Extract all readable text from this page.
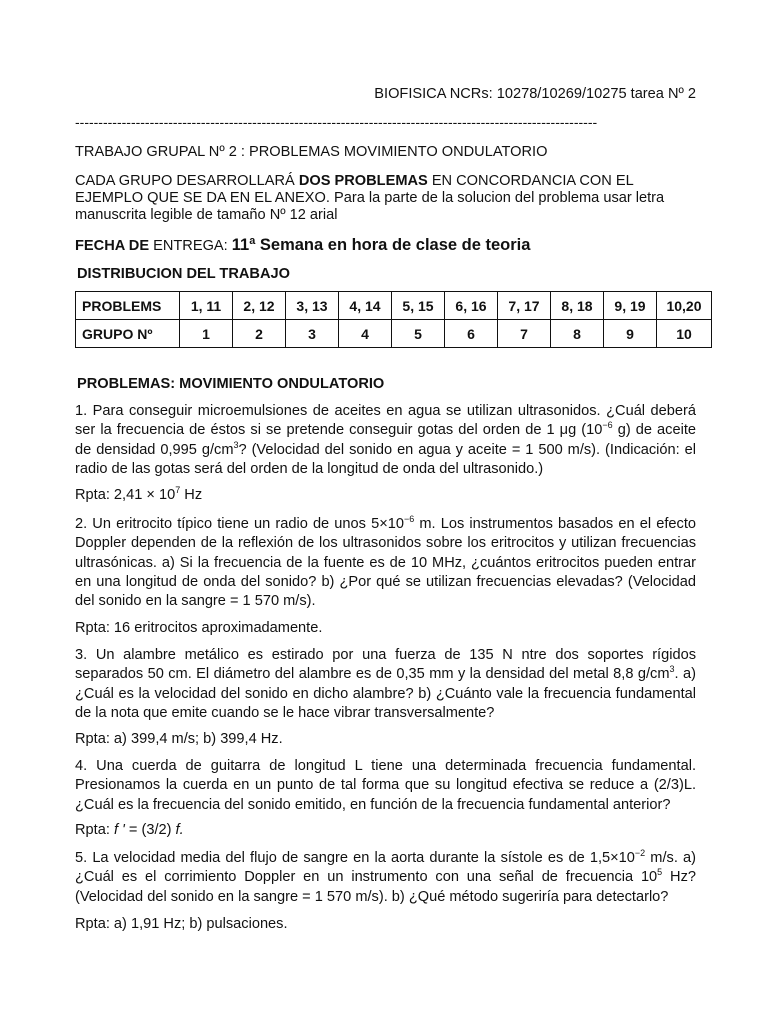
BIOFISICA NCRs: 10278/10269/10275 tarea Nº 2
----------------------------------------------------------------------------------------------------------------
TRABAJO GRUPAL Nº 2 : PROBLEMAS MOVIMIENTO ONDULATORIO
CADA GRUPO DESARROLLARÁ DOS PROBLEMAS EN CONCORDANCIA CON EL EJEMPLO QUE SE DA EN EL ANEXO. Para la parte de la solucion del problema usar letra manuscrita legible de tamaño Nº 12 arial
FECHA DE ENTREGA: 11ª Semana en hora de clase de teoria
DISTRIBUCION DEL TRABAJO
PROBLEMS	1, 11	2, 12	3, 13	4, 14	5, 15	6, 16	7, 17	8, 18	9, 19	10,20
GRUPO Nº	1	2	3	4	5	6	7	8	9	10
PROBLEMAS: MOVIMIENTO ONDULATORIO
1. Para conseguir microemulsiones de aceites en agua se utilizan ultrasonidos. ¿Cuál deberá ser la frecuencia de éstos si se pretende conseguir gotas del orden de 1 μg ($10^{-6}$ g) de aceite de densidad 0,995 $g/cm^3$? (Velocidad del sonido en agua y aceite = 1 500 m/s). (Indicación: el radio de las gotas será del orden de la longitud de onda del ultrasonido.)
Rpta: $2,41 \times 10^7$ Hz
2. Un eritrocito típico tiene un radio de unos $5\times 10^{-6}$ m. Los instrumentos basados en el efecto Doppler dependen de la reflexión de los ultrasonidos sobre los eritrocitos y utilizan frecuencias ultrasónicas. a) Si la frecuencia de la fuente es de 10 MHz, ¿cuántos eritrocitos pueden entrar en una longitud de onda del sonido? b) ¿Por qué se utilizan frecuencias elevadas? (Velocidad del sonido en la sangre = 1 570 m/s).
Rpta: 16 eritrocitos aproximadamente.
3. Un alambre metálico es estirado por una fuerza de 135 N ntre dos soportes rígidos separados 50 cm. El diámetro del alambre es de 0,35 mm y la densidad del metal 8,8 $g/cm^3$. a) ¿Cuál es la velocidad del sonido en dicho alambre? b) ¿Cuánto vale la frecuencia fundamental de la nota que emite cuando se le hace vibrar transversalmente?
Rpta: a) 399,4 m/s; b) 399,4 Hz.
4. Una cuerda de guitarra de longitud L tiene una determinada frecuencia fundamental. Presionamos la cuerda en un punto de tal forma que su longitud efectiva se reduce a (2/3)L. ¿Cuál es la frecuencia del sonido emitido, en función de la frecuencia fundamental anterior?
Rpta: f ' = (3/2) f.
5. La velocidad media del flujo de sangre en la aorta durante la sístole es de $1,5\times 10^{-2}$ m/s. a) ¿Cuál es el corrimiento Doppler en un instrumento con una señal de frecuencia $10^5$ Hz? (Velocidad del sonido en la sangre = 1 570 m/s). b) ¿Qué método sugeriría para detectarlo?
Rpta: a) 1,91 Hz; b) pulsaciones.
